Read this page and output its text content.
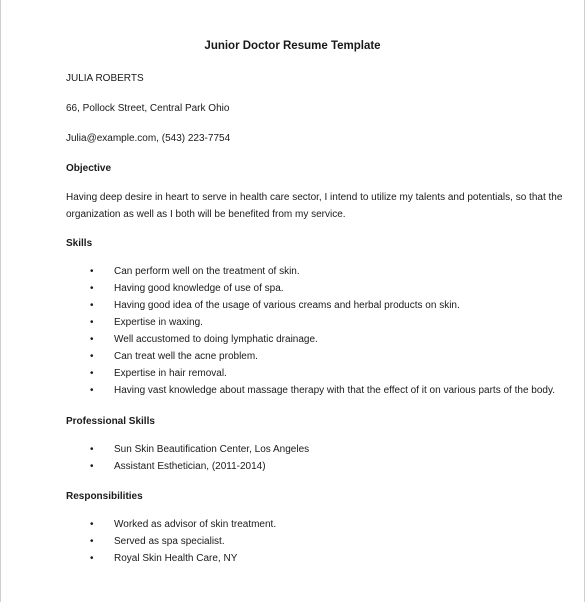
Junior Doctor Resume Template
JULIA ROBERTS
66, Pollock Street, Central Park Ohio
Julia@example.com, (543) 223-7754
Objective
Having deep desire in heart to serve in health care sector, I intend to utilize my talents and potentials, so that the
organization as well as I both will be benefited from my service.
Skills
• Can perform well on the treatment of skin.
• Having good knowledge of use of spa.
• Having good idea of the usage of various creams and herbal products on skin.
• Expertise in waxing.
• Well accustomed to doing lymphatic drainage.
• Can treat well the acne problem.
• Expertise in hair removal.
• Having vast knowledge about massage therapy with that the effect of it on various parts of the body.
Professional Skills
• Sun Skin Beautification Center, Los Angeles
• Assistant Esthetician, (2011-2014)
Responsibilities
• Worked as advisor of skin treatment.
• Served as spa specialist.
• Royal Skin Health Care, NY
